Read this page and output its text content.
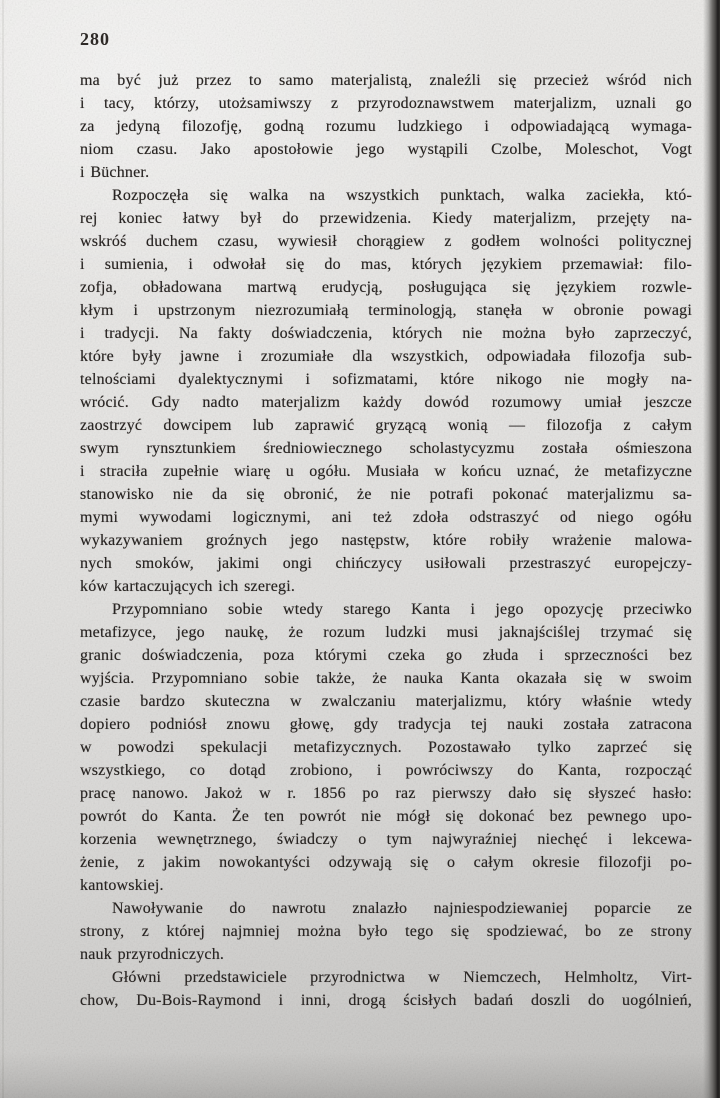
280
ma być już przez to samo materjalistą, znaleźli się przecież wśród nich
i tacy, którzy, utożsamiwszy z przyrodoznawstwem materjalizm, uznali go
za jedyną filozofję, godną rozumu ludzkiego i odpowiadającą wymaga-
niom czasu. Jako apostołowie jego wystąpili Czolbe, Moleschot, Vogt
i Büchner.
Rozpoczęła się walka na wszystkich punktach, walka zaciekła, któ-
rej koniec łatwy był do przewidzenia. Kiedy materjalizm, przejęty na-
wskróś duchem czasu, wywiesił chorągiew z godłem wolności politycznej
i sumienia, i odwołał się do mas, których językiem przemawiał: filo-
zofja, obładowana martwą erudycją, posługująca się językiem rozwle-
kłym i upstrzonym niezrozumiałą terminologją, stanęła w obronie powagi
i tradycji. Na fakty doświadczenia, których nie można było zaprzeczyć,
które były jawne i zrozumiałe dla wszystkich, odpowiadała filozofja sub-
telnościami dyalektycznymi i sofizmatami, które nikogo nie mogły na-
wrócić. Gdy nadto materjalizm każdy dowód rozumowy umiał jeszcze
zaostrzyć dowcipem lub zaprawić gryzącą wonią — filozofja z całym
swym rynsztunkiem średniowiecznego scholastycyzmu została ośmieszona
i straciła zupełnie wiarę u ogółu. Musiała w końcu uznać, że metafizyczne
stanowisko nie da się obronić, że nie potrafi pokonać materjalizmu sa-
mymi wywodami logicznymi, ani też zdoła odstraszyć od niego ogółu
wykazywaniem groźnych jego następstw, które robiły wrażenie malowa-
nych smoków, jakimi ongi chińczycy usiłowali przestraszyć europejczy-
ków kartaczujących ich szeregi.
Przypomniano sobie wtedy starego Kanta i jego opozycję przeciwko
metafizyce, jego naukę, że rozum ludzki musi jaknajściślej trzymać się
granic doświadczenia, poza którymi czeka go złuda i sprzeczności bez
wyjścia. Przypomniano sobie także, że nauka Kanta okazała się w swoim
czasie bardzo skuteczna w zwalczaniu materjalizmu, który właśnie wtedy
dopiero podniósł znowu głowę, gdy tradycja tej nauki została zatracona
w powodzi spekulacji metafizycznych. Pozostawało tylko zaprzeć się
wszystkiego, co dotąd zrobiono, i powróciwszy do Kanta, rozpocząć
pracę nanowo. Jakoż w r. 1856 po raz pierwszy dało się słyszeć hasło:
powrót do Kanta. Że ten powrót nie mógł się dokonać bez pewnego upo-
korzenia wewnętrznego, świadczy o tym najwyraźniej niechęć i lekcewa-
żenie, z jakim nowokantyści odzywają się o całym okresie filozofji po-
kantowskiej.
Nawoływanie do nawrotu znalazło najniespodziewaniej poparcie ze
strony, z której najmniej można było tego się spodziewać, bo ze strony
nauk przyrodniczych.
Główni przedstawiciele przyrodnictwa w Niemczech, Helmholtz, Virt-
chow, Du-Bois-Raymond i inni, drogą ścisłych badań doszli do uogólnień,
